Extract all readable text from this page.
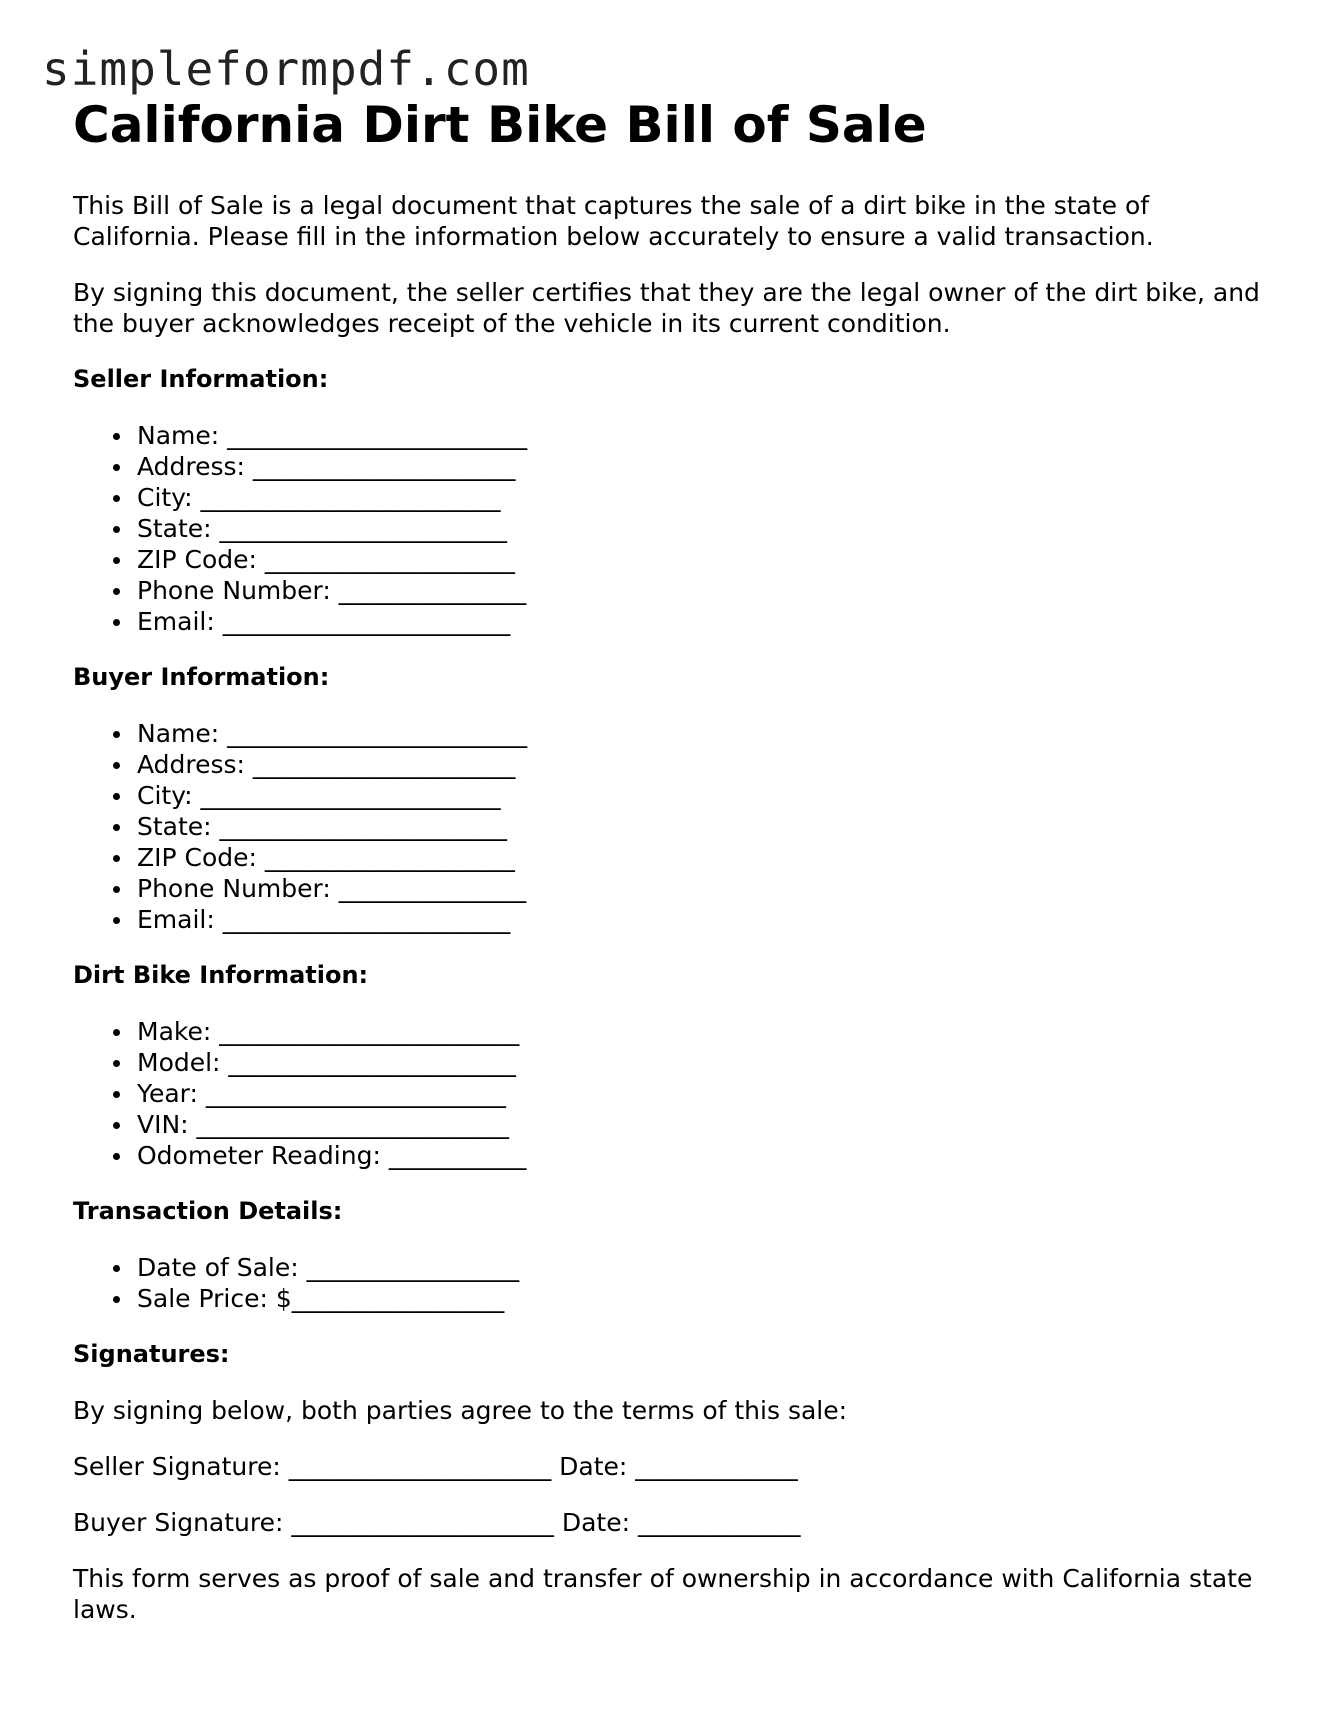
simpleformpdf.com
California Dirt Bike Bill of Sale

This Bill of Sale is a legal document that captures the sale of a dirt bike in the state of California. Please fill in the information below accurately to ensure a valid transaction.

By signing this document, the seller certifies that they are the legal owner of the dirt bike, and the buyer acknowledges receipt of the vehicle in its current condition.

Seller Information:
Name: ________________________
Address: _____________________
City: ________________________
State: _______________________
ZIP Code: ____________________
Phone Number: _______________
Email: _______________________
Buyer Information:
Name: ________________________
Address: _____________________
City: ________________________
State: _______________________
ZIP Code: ____________________
Phone Number: _______________
Email: _______________________
Dirt Bike Information:
Make: ________________________
Model: _______________________
Year: ________________________
VIN: _________________________
Odometer Reading: ___________
Transaction Details:
Date of Sale: _________________
Sale Price: $_________________
Signatures:

By signing below, both parties agree to the terms of this sale:

Seller Signature: _____________________ Date: _____________

Buyer Signature: _____________________ Date: _____________

This form serves as proof of sale and transfer of ownership in accordance with California state laws.
